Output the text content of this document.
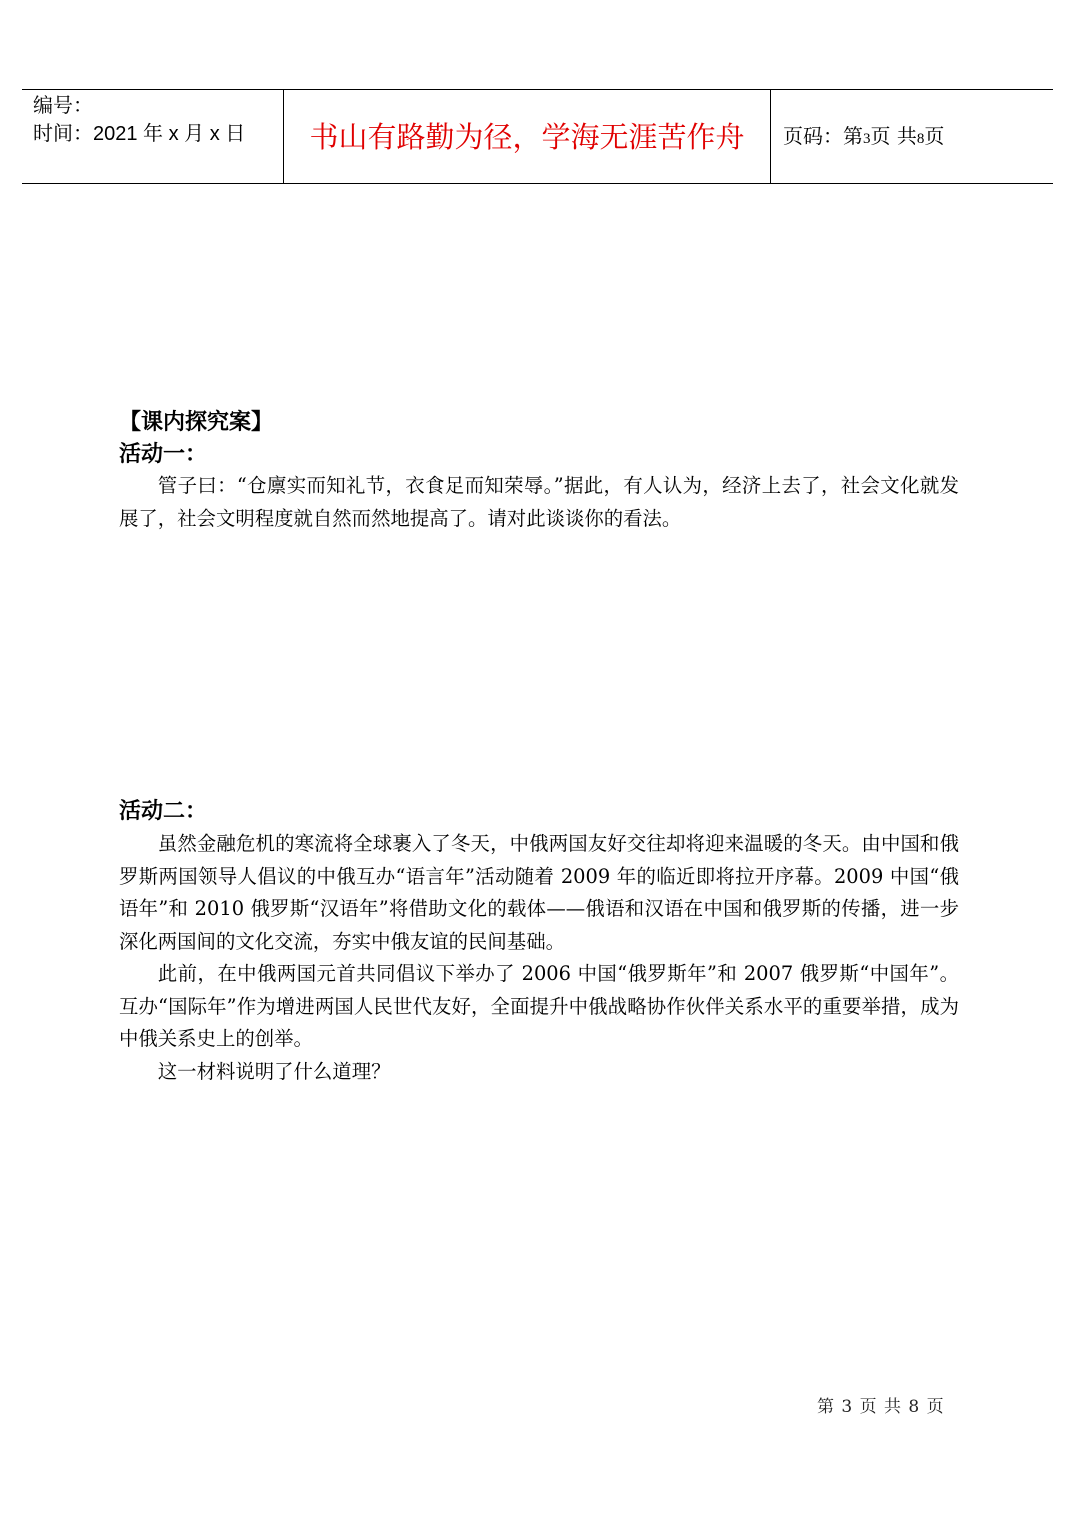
编号：
时间：2021 年 x 月 x 日	书山有路勤为径，学海无涯苦作舟	页码：第3页 共8页
【课内探究案】
活动一：

管子曰：“仓廪实而知礼节，衣食足而知荣辱。”据此，有人认为，经济上去了，社会文化就发展了，社会文明程度就自然而然地提高了。请对此谈谈你的看法。

活动二：

虽然金融危机的寒流将全球裹入了冬天，中俄两国友好交往却将迎来温暖的冬天。由中国和俄罗斯两国领导人倡议的中俄互办“语言年”活动随着 2009 年的临近即将拉开序幕。2009 中国“俄语年”和 2010 俄罗斯“汉语年”将借助文化的载体——俄语和汉语在中国和俄罗斯的传播，进一步深化两国间的文化交流，夯实中俄友谊的民间基础。

此前，在中俄两国元首共同倡议下举办了 2006 中国“俄罗斯年”和 2007 俄罗斯“中国年”。 互办“国际年”作为增进两国人民世代友好，全面提升中俄战略协作伙伴关系水平的重要举措，成为中俄关系史上的创举。

这一材料说明了什么道理？

第 3 页 共 8 页
